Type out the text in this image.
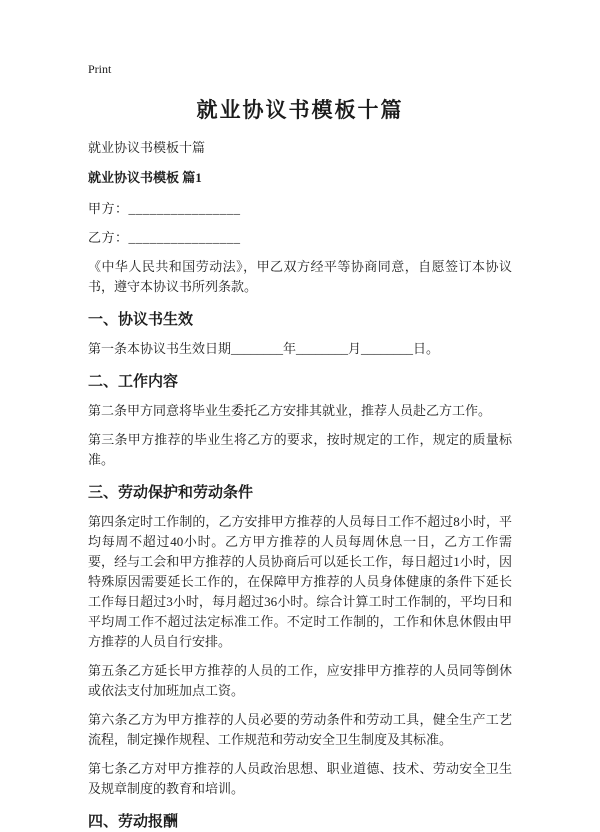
Print
就业协议书模板十篇

就业协议书模板十篇

就业协议书模板 篇1

甲方：________________

乙方：________________

《中华人民共和国劳动法》，甲乙双方经平等协商同意，自愿签订本协议书，遵守本协议书所列条款。

一、协议书生效

第一条本协议书生效日期________年________月________日。

二、工作内容

第二条甲方同意将毕业生委托乙方安排其就业，推荐人员赴乙方工作。

第三条甲方推荐的毕业生将乙方的要求，按时规定的工作，规定的质量标准。

三、劳动保护和劳动条件

第四条定时工作制的，乙方安排甲方推荐的人员每日工作不超过8小时，平均每周不超过40小时。乙方甲方推荐的人员每周休息一日，乙方工作需要，经与工会和甲方推荐的人员协商后可以延长工作，每日超过1小时，因特殊原因需要延长工作的，在保障甲方推荐的人员身体健康的条件下延长工作每日超过3小时，每月超过36小时。综合计算工时工作制的，平均日和平均周工作不超过法定标准工作。不定时工作制的，工作和休息休假由甲方推荐的人员自行安排。

第五条乙方延长甲方推荐的人员的工作，应安排甲方推荐的人员同等倒休或依法支付加班加点工资。

第六条乙方为甲方推荐的人员必要的劳动条件和劳动工具，健全生产工艺流程，制定操作规程、工作规范和劳动安全卫生制度及其标准。

第七条乙方对甲方推荐的人员政治思想、职业道德、技术、劳动安全卫生及规章制度的教育和培训。

四、劳动报酬
